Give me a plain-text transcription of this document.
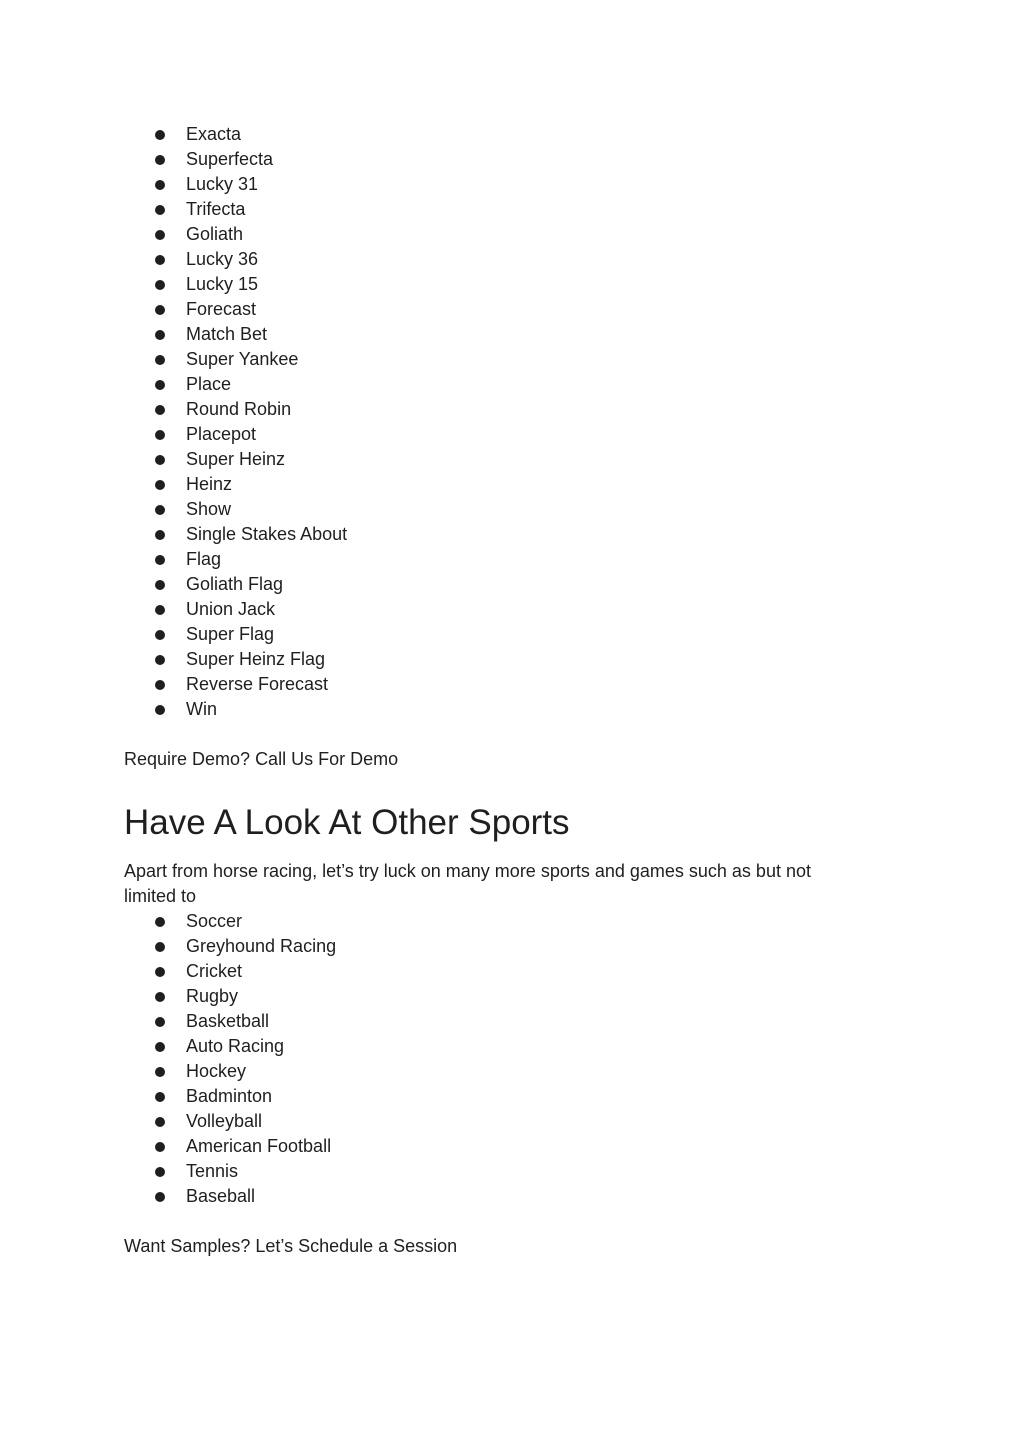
Exacta
Superfecta
Lucky 31
Trifecta
Goliath
Lucky 36
Lucky 15
Forecast
Match Bet
Super Yankee
Place
Round Robin
Placepot
Super Heinz
Heinz
Show
Single Stakes About
Flag
Goliath Flag
Union Jack
Super Flag
Super Heinz Flag
Reverse Forecast
Win

Require Demo? Call Us For Demo

Have A Look At Other Sports

Apart from horse racing, let’s try luck on many more sports and games such as but not limited to

Soccer
Greyhound Racing
Cricket
Rugby
Basketball
Auto Racing
Hockey
Badminton
Volleyball
American Football
Tennis
Baseball

Want Samples? Let’s Schedule a Session
